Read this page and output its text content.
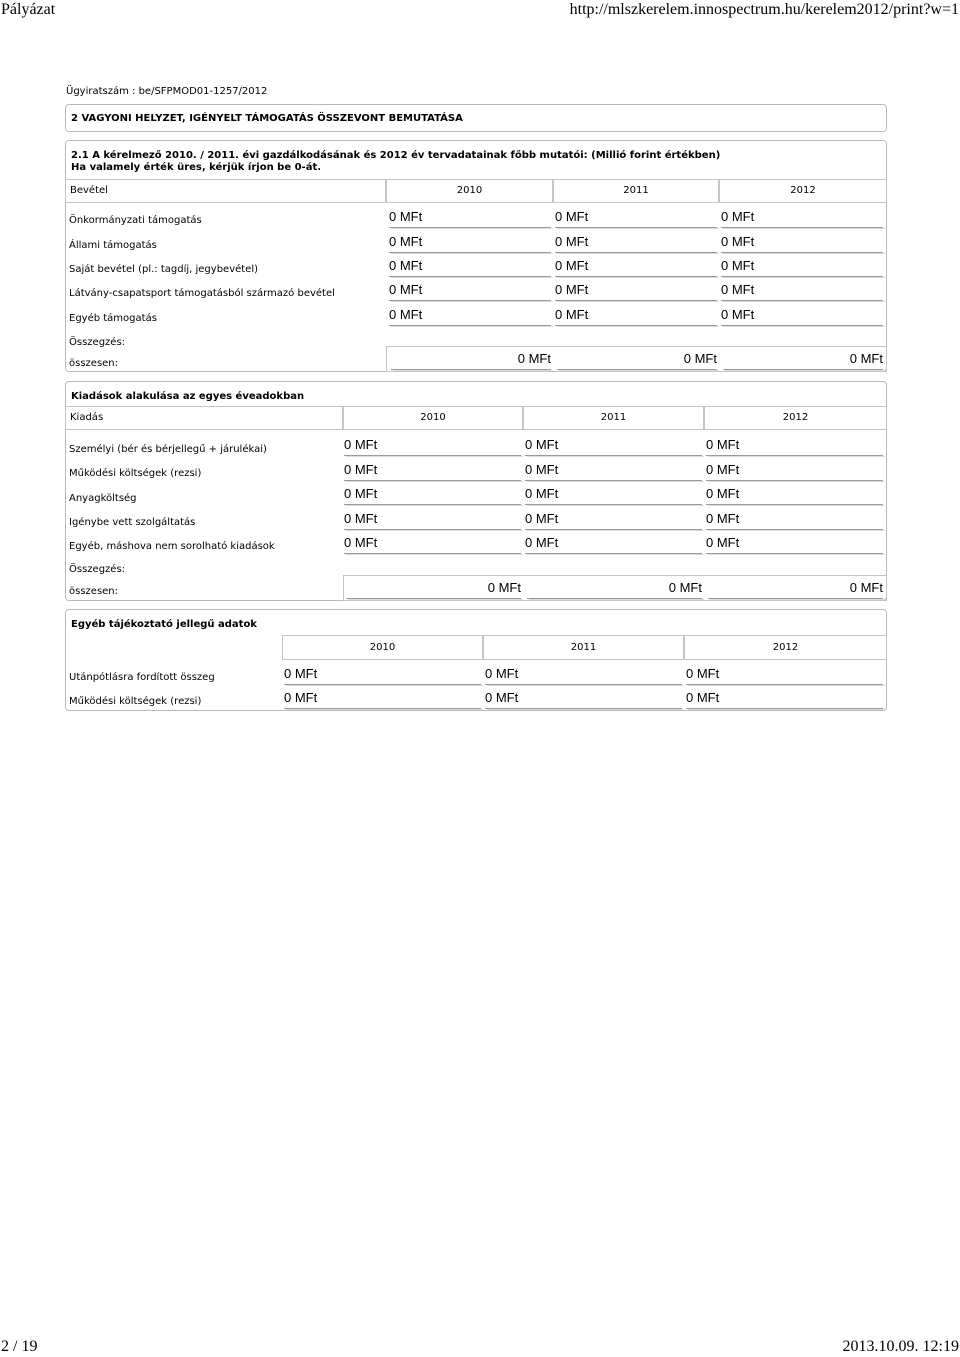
Pályázat	http://mlszkerelem.innospectrum.hu/kerelem2012/print?w=1
Ügyiratszám : be/SFPMOD01-1257/2012
2 VAGYONI HELYZET, IGÉNYELT TÁMOGATÁS ÖSSZEVONT BEMUTATÁSA
2.1 A kérelmező 2010. / 2011. évi gazdálkodásának és 2012 év tervadatainak főbb mutatói: (Millió forint értékben)
Ha valamely érték üres, kérjük írjon be 0-át.
Bevétel	2010	2011	2012
Önkormányzati támogatás	0 MFt	0 MFt	0 MFt
Állami támogatás	0 MFt	0 MFt	0 MFt
Saját bevétel (pl.: tagdíj, jegybevétel)	0 MFt	0 MFt	0 MFt
Látvány-csapatsport támogatásból származó bevétel	0 MFt	0 MFt	0 MFt
Egyéb támogatás	0 MFt	0 MFt	0 MFt
Összegzés:
összesen:	0 MFt	0 MFt	0 MFt
Kiadások alakulása az egyes éveadokban
Kiadás	2010	2011	2012
Személyi (bér és bérjellegű + járulékai)	0 MFt	0 MFt	0 MFt
Működési költségek (rezsi)	0 MFt	0 MFt	0 MFt
Anyagköltség	0 MFt	0 MFt	0 MFt
Igénybe vett szolgáltatás	0 MFt	0 MFt	0 MFt
Egyéb, máshova nem sorolható kiadások	0 MFt	0 MFt	0 MFt
Összegzés:
összesen:	0 MFt	0 MFt	0 MFt
Egyéb tájékoztató jellegű adatok
2010	2011	2012
Utánpótlásra fordított összeg	0 MFt	0 MFt	0 MFt
Működési költségek (rezsi)	0 MFt	0 MFt	0 MFt
2 / 19	2013.10.09. 12:19
